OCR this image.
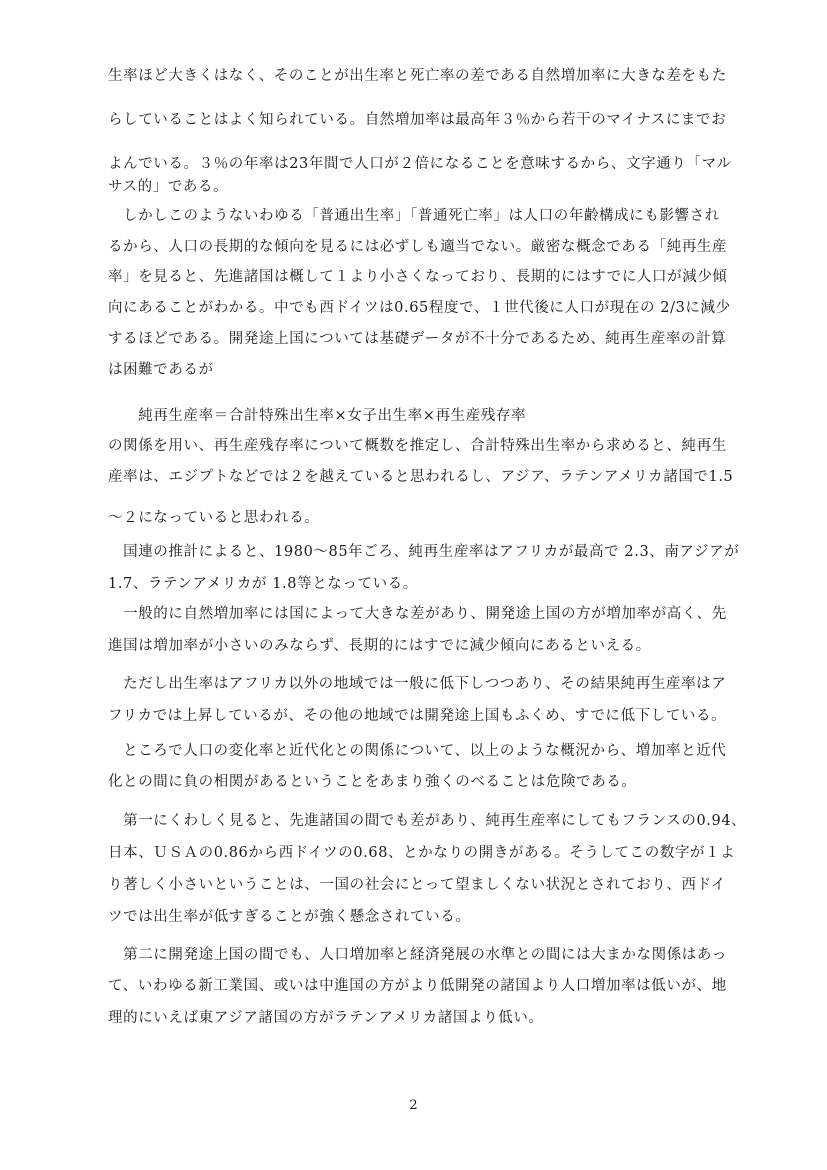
生率ほど大きくはなく、そのことが出生率と死亡率の差である自然増加率に大きな差をもた
らしていることはよく知られている。自然増加率は最高年３％から若干のマイナスにまでお
よんでいる。３％の年率は23年間で人口が２倍になることを意味するから、文字通り「マル
サス的」である。
　しかしこのようないわゆる「普通出生率」「普通死亡率」は人口の年齢構成にも影響され
るから、人口の長期的な傾向を見るには必ずしも適当でない。厳密な概念である「純再生産
率」を見ると、先進諸国は概して１より小さくなっており、長期的にはすでに人口が減少傾
向にあることがわかる。中でも西ドイツは0.65程度で、１世代後に人口が現在の 2/3に減少
するほどである。開発途上国については基礎データが不十分であるため、純再生産率の計算
は困難であるが
　　純再生産率＝合計特殊出生率×女子出生率×再生産残存率
の関係を用い、再生産残存率について概数を推定し、合計特殊出生率から求めると、純再生
産率は、エジプトなどでは２を越えていると思われるし、アジア、ラテンアメリカ諸国で1.5
～２になっていると思われる。
　国連の推計によると、1980～85年ごろ、純再生産率はアフリカが最高で 2.3、南アジアが
1.7、ラテンアメリカが 1.8等となっている。
　一般的に自然増加率には国によって大きな差があり、開発途上国の方が増加率が高く、先
進国は増加率が小さいのみならず、長期的にはすでに減少傾向にあるといえる。
　ただし出生率はアフリカ以外の地域では一般に低下しつつあり、その結果純再生産率はア
フリカでは上昇しているが、その他の地域では開発途上国もふくめ、すでに低下している。
　ところで人口の変化率と近代化との関係について、以上のような概況から、増加率と近代
化との間に負の相関があるということをあまり強くのべることは危険である。
　第一にくわしく見ると、先進諸国の間でも差があり、純再生産率にしてもフランスの0.94、
日本、ＵＳＡの0.86から西ドイツの0.68、とかなりの開きがある。そうしてこの数字が１よ
り著しく小さいということは、一国の社会にとって望ましくない状況とされており、西ドイ
ツでは出生率が低すぎることが強く懸念されている。
　第二に開発途上国の間でも、人口増加率と経済発展の水準との間には大まかな関係はあっ
て、いわゆる新工業国、或いは中進国の方がより低開発の諸国より人口増加率は低いが、地
理的にいえば東アジア諸国の方がラテンアメリカ諸国より低い。
2
